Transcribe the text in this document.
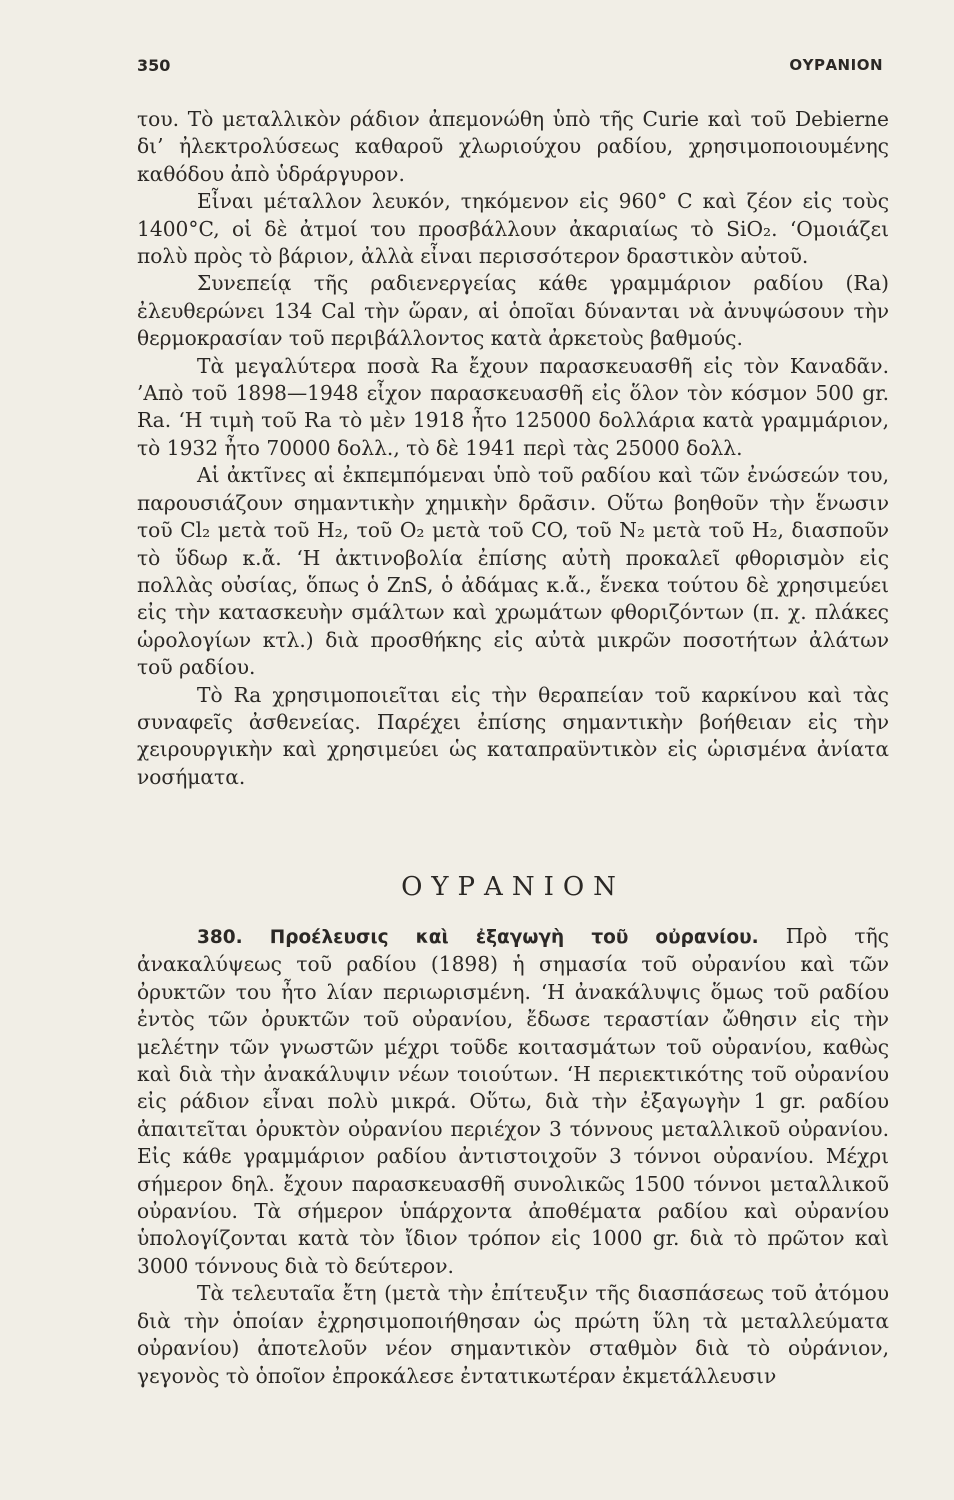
350	ΟΥΡΑΝΙΟΝ

του. Τὸ μεταλλικὸν ράδιον ἀπεμονώθη ὑπὸ τῆς Curie καὶ τοῦ Debierne δι’ ἠλεκτρολύσεως καθαροῦ χλωριούχου ραδίου, χρησιμοποιουμένης καθόδου ἀπὸ ὑδράργυρον.

Εἶναι μέταλλον λευκόν, τηκόμενον εἰς 960° C καὶ ζέον εἰς τοὺς 1400°C, οἱ δὲ ἀτμοί του προσβάλλουν ἀκαριαίως τὸ SiO₂. ‘Ομοιάζει πολὺ πρὸς τὸ βάριον, ἀλλὰ εἶναι περισσότερον δραστικὸν αὐτοῦ.

Συνεπείᾳ τῆς ραδιενεργείας κάθε γραμμάριον ραδίου (Ra) ἐλευθερώνει 134 Cal τὴν ὥραν, αἱ ὁποῖαι δύνανται νὰ ἀνυψώσουν τὴν θερμοκρασίαν τοῦ περιβάλλοντος κατὰ ἀρκετοὺς βαθμούς.

Τὰ μεγαλύτερα ποσὰ Ra ἔχουν παρασκευασθῆ εἰς τὸν Καναδᾶν. ’Απὸ τοῦ 1898—1948 εἶχον παρασκευασθῆ εἰς ὅλον τὸν κόσμον 500 gr. Ra. ‘Η τιμὴ τοῦ Ra τὸ μὲν 1918 ἦτο 125000 δολλάρια κατὰ γραμμάριον, τὸ 1932 ἦτο 70000 δολλ., τὸ δὲ 1941 περὶ τὰς 25000 δολλ.

Αἱ ἀκτῖνες αἱ ἐκπεμπόμεναι ὑπὸ τοῦ ραδίου καὶ τῶν ἐνώσεών του, παρουσιάζουν σημαντικὴν χημικὴν δρᾶσιν. Οὕτω βοηθοῦν τὴν ἕνωσιν τοῦ Cl₂ μετὰ τοῦ H₂, τοῦ O₂ μετὰ τοῦ CO, τοῦ N₂ μετὰ τοῦ H₂, διασποῦν τὸ ὕδωρ κ.ἄ. ‘Η ἀκτινοβολία ἐπίσης αὐτὴ προκαλεῖ φθορισμὸν εἰς πολλὰς οὐσίας, ὅπως ὁ ZnS, ὁ ἀδάμας κ.ἄ., ἕνεκα τούτου δὲ χρησιμεύει εἰς τὴν κατασκευὴν σμάλτων καὶ χρωμάτων φθοριζόντων (π. χ. πλάκες ὡρολογίων κτλ.) διὰ προσθήκης εἰς αὐτὰ μικρῶν ποσοτήτων ἀλάτων τοῦ ραδίου.

Τὸ Ra χρησιμοποιεῖται εἰς τὴν θεραπείαν τοῦ καρκίνου καὶ τὰς συναφεῖς ἀσθενείας. Παρέχει ἐπίσης σημαντικὴν βοήθειαν εἰς τὴν χειρουργικὴν καὶ χρησιμεύει ὡς καταπραϋντικὸν εἰς ὡρισμένα ἀνίατα νοσήματα.

ΟΥΡΑΝΙΟΝ

380. Προέλευσις καὶ ἐξαγωγὴ τοῦ οὐρανίου. Πρὸ τῆς ἀνακαλύψεως τοῦ ραδίου (1898) ἡ σημασία τοῦ οὐρανίου καὶ τῶν ὀρυκτῶν του ἦτο λίαν περιωρισμένη. ‘Η ἀνακάλυψις ὅμως τοῦ ραδίου ἐντὸς τῶν ὀρυκτῶν τοῦ οὐρανίου, ἔδωσε τεραστίαν ὤθησιν εἰς τὴν μελέτην τῶν γνωστῶν μέχρι τοῦδε κοιτασμάτων τοῦ οὐρανίου, καθὼς καὶ διὰ τὴν ἀνακάλυψιν νέων τοιούτων. ‘Η περιεκτικότης τοῦ οὐρανίου εἰς ράδιον εἶναι πολὺ μικρά. Οὕτω, διὰ τὴν ἐξαγωγὴν 1 gr. ραδίου ἀπαιτεῖται ὀρυκτὸν οὐρανίου περιέχον 3 τόννους μεταλλικοῦ οὐρανίου. Εἰς κάθε γραμμάριον ραδίου ἀντιστοιχοῦν 3 τόννοι οὐρανίου. Μέχρι σήμερον δηλ. ἔχουν παρασκευασθῆ συνολικῶς 1500 τόννοι μεταλλικοῦ οὐρανίου. Τὰ σήμερον ὑπάρχοντα ἀποθέματα ραδίου καὶ οὐρανίου ὑπολογίζονται κατὰ τὸν ἴδιον τρόπον εἰς 1000 gr. διὰ τὸ πρῶτον καὶ 3000 τόννους διὰ τὸ δεύτερον.

Τὰ τελευταῖα ἔτη (μετὰ τὴν ἐπίτευξιν τῆς διασπάσεως τοῦ ἀτόμου διὰ τὴν ὁποίαν ἐχρησιμοποιήθησαν ὡς πρώτη ὕλη τὰ μεταλλεύματα οὐρανίου) ἀποτελοῦν νέον σημαντικὸν σταθμὸν διὰ τὸ οὐράνιον, γεγονὸς τὸ ὁποῖον ἐπροκάλεσε ἐντατικωτέραν ἐκμετάλλευσιν
